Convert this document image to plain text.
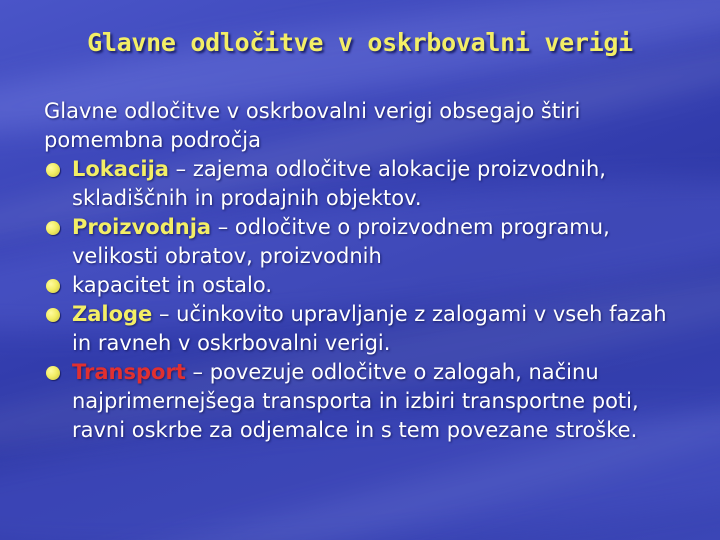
Glavne odločitve v oskrbovalni verigi

Glavne odločitve v oskrbovalni verigi obsegajo štiri pomembna področja

Lokacija – zajema odločitve alokacije proizvodnih, skladiščnih in prodajnih objektov.
Proizvodnja – odločitve o proizvodnem programu, velikosti obratov, proizvodnih
kapacitet in ostalo.
Zaloge – učinkovito upravljanje z zalogami v vseh fazah in ravneh v oskrbovalni verigi.
Transport – povezuje odločitve o zalogah, načinu najprimernejšega transporta in izbiri transportne poti, ravni oskrbe za odjemalce in s tem povezane stroške.
